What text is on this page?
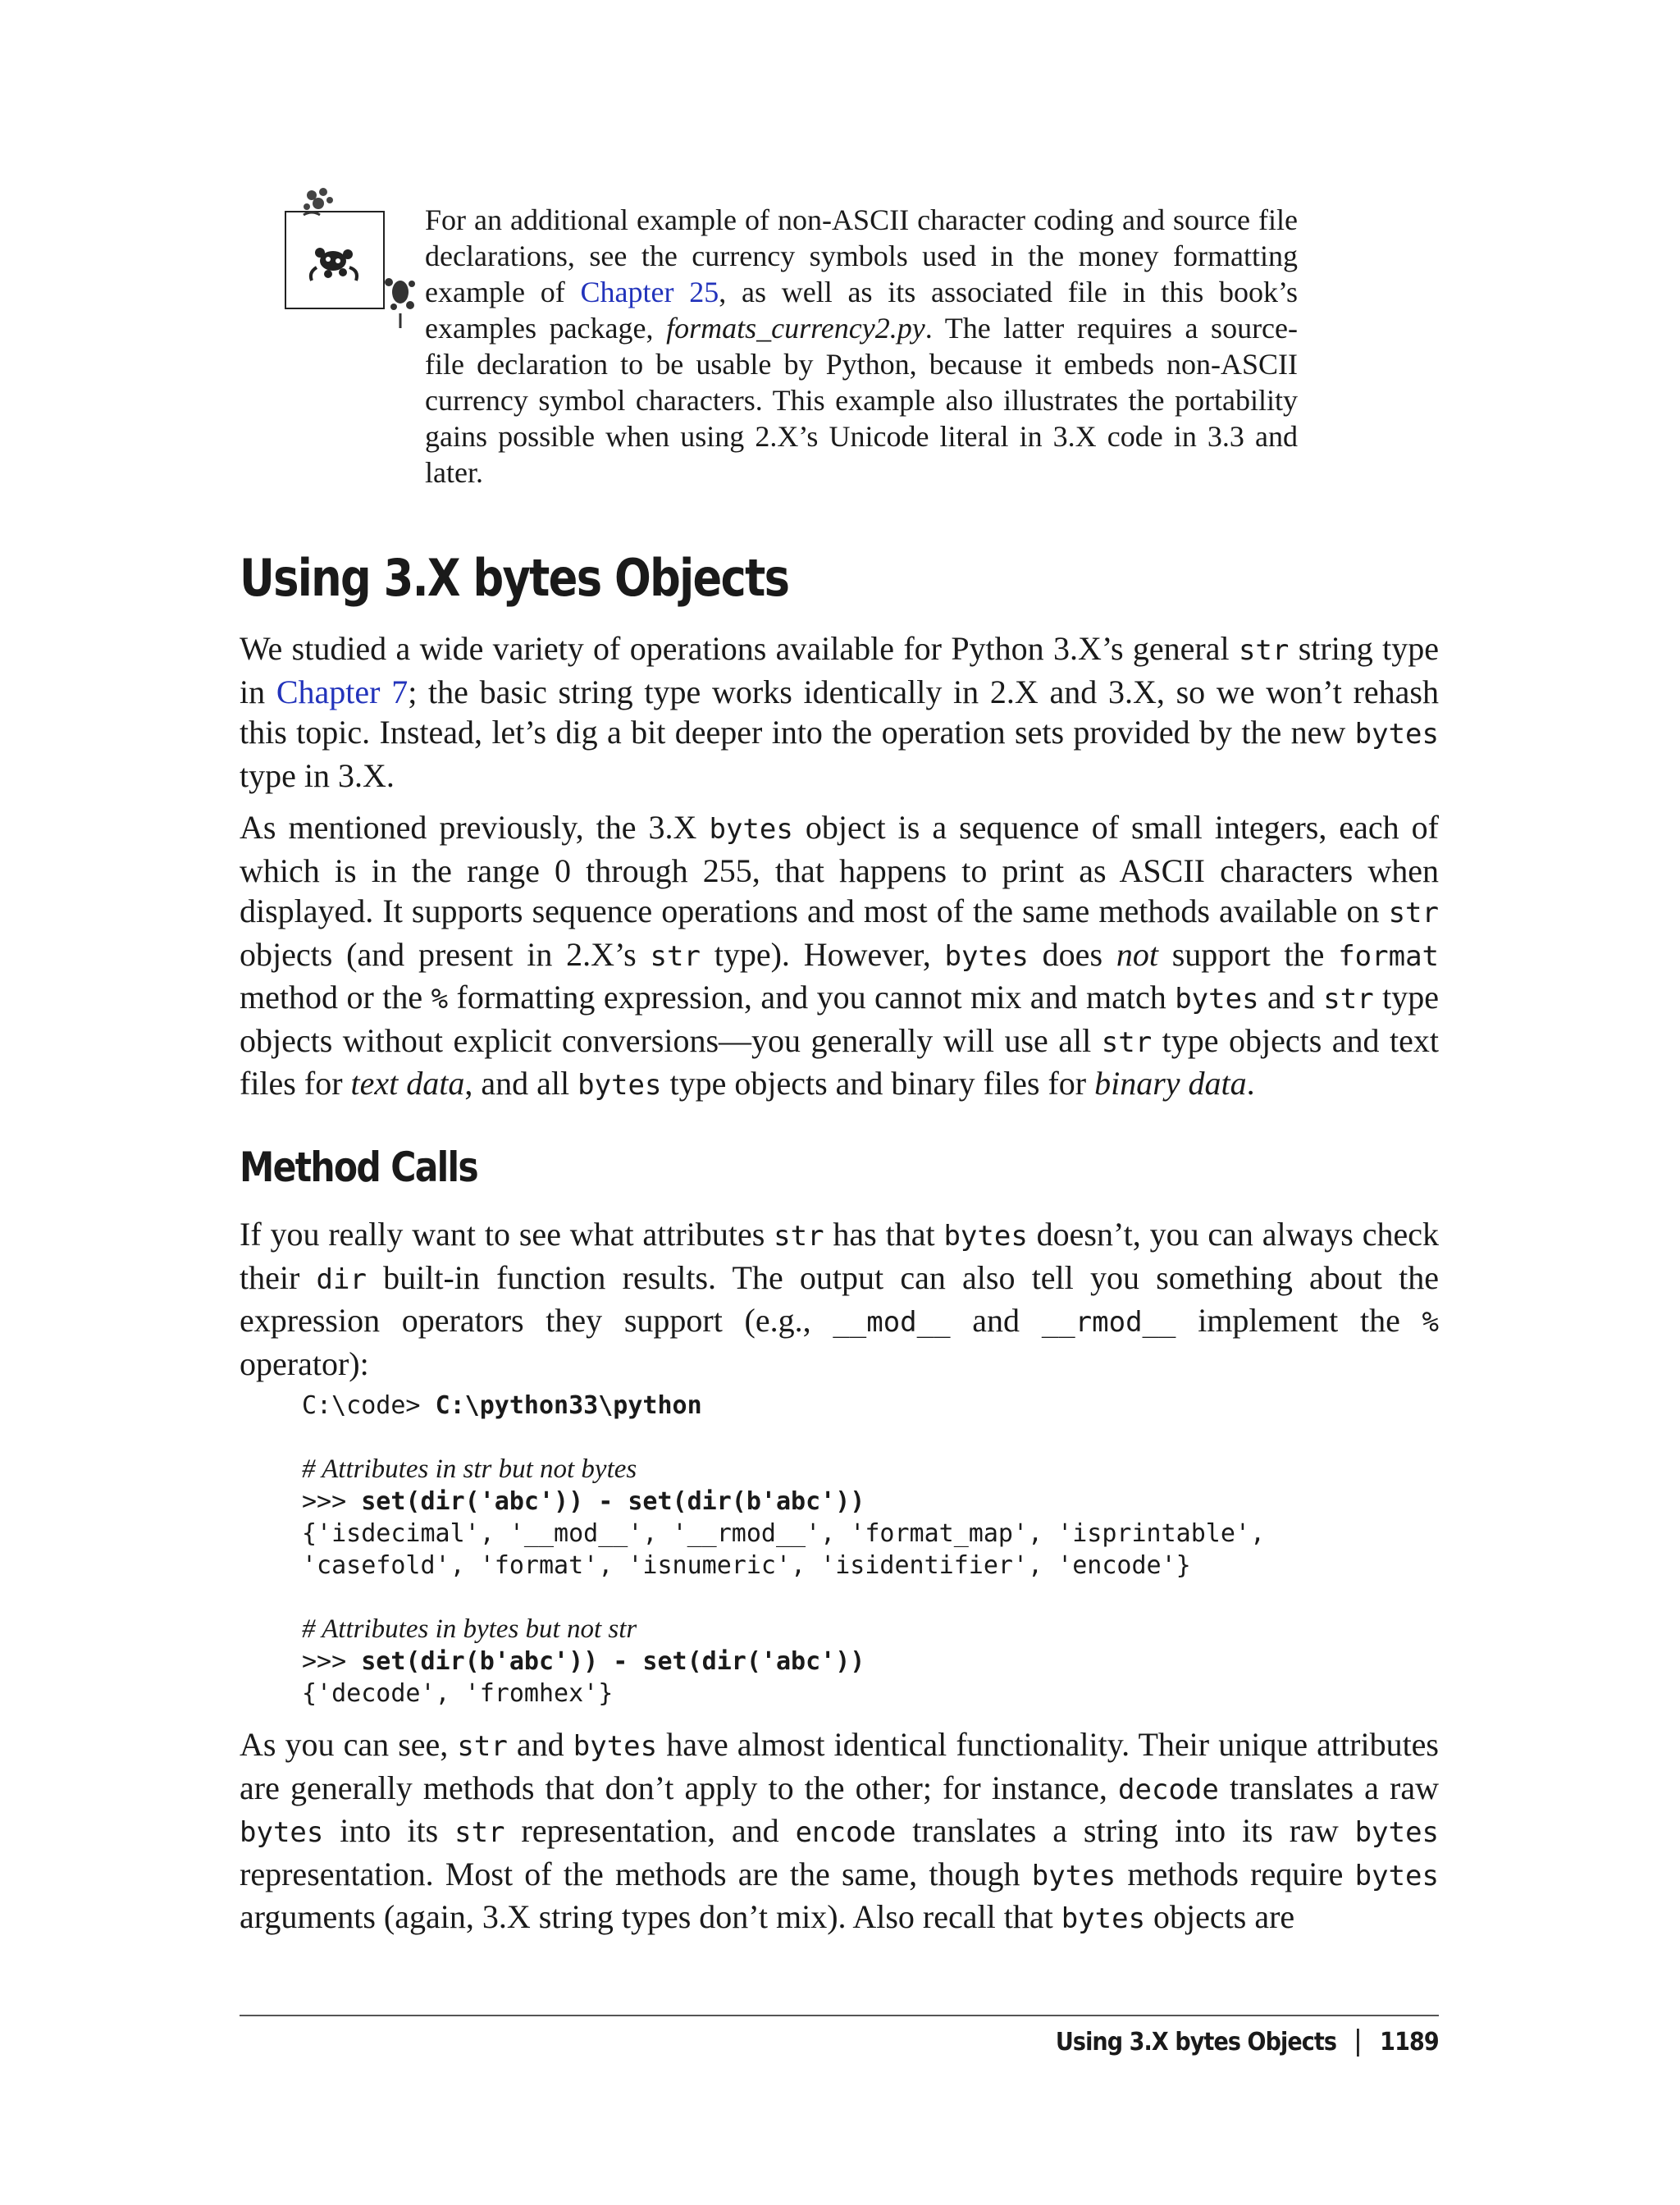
For an additional example of non-ASCII character coding and source file declarations, see the currency symbols used in the money formatting example of Chapter 25, as well as its associated file in this book’s examples package, formats_currency2.py. The latter requires a source-file declaration to be usable by Python, because it embeds non-ASCII currency symbol characters. This example also illustrates the portability gains possible when using 2.X’s Unicode literal in 3.X code in 3.3 and later.

Using 3.X bytes Objects

We studied a wide variety of operations available for Python 3.X’s general str string type in Chapter 7; the basic string type works identically in 2.X and 3.X, so we won’t rehash this topic. Instead, let’s dig a bit deeper into the operation sets provided by the new bytes type in 3.X.

As mentioned previously, the 3.X bytes object is a sequence of small integers, each of which is in the range 0 through 255, that happens to print as ASCII characters when displayed. It supports sequence operations and most of the same methods available on str objects (and present in 2.X’s str type). However, bytes does not support the format method or the % formatting expression, and you cannot mix and match bytes and str type objects without explicit conversions—you generally will use all str type objects and text files for text data, and all bytes type objects and binary files for binary data.

Method Calls

If you really want to see what attributes str has that bytes doesn’t, you can always check their dir built-in function results. The output can also tell you something about the expression operators they support (e.g., __mod__ and __rmod__ implement the % operator):

C:\code> C:\python33\python

# Attributes in str but not bytes
>>> set(dir('abc')) - set(dir(b'abc'))
{'isdecimal', '__mod__', '__rmod__', 'format_map', 'isprintable',
'casefold', 'format', 'isnumeric', 'isidentifier', 'encode'}

# Attributes in bytes but not str
>>> set(dir(b'abc')) - set(dir('abc'))
{'decode', 'fromhex'}

As you can see, str and bytes have almost identical functionality. Their unique attributes are generally methods that don’t apply to the other; for instance, decode translates a raw bytes into its str representation, and encode translates a string into its raw bytes representation. Most of the methods are the same, though bytes methods require bytes arguments (again, 3.X string types don’t mix). Also recall that bytes objects are

Using 3.X bytes Objects 1189
